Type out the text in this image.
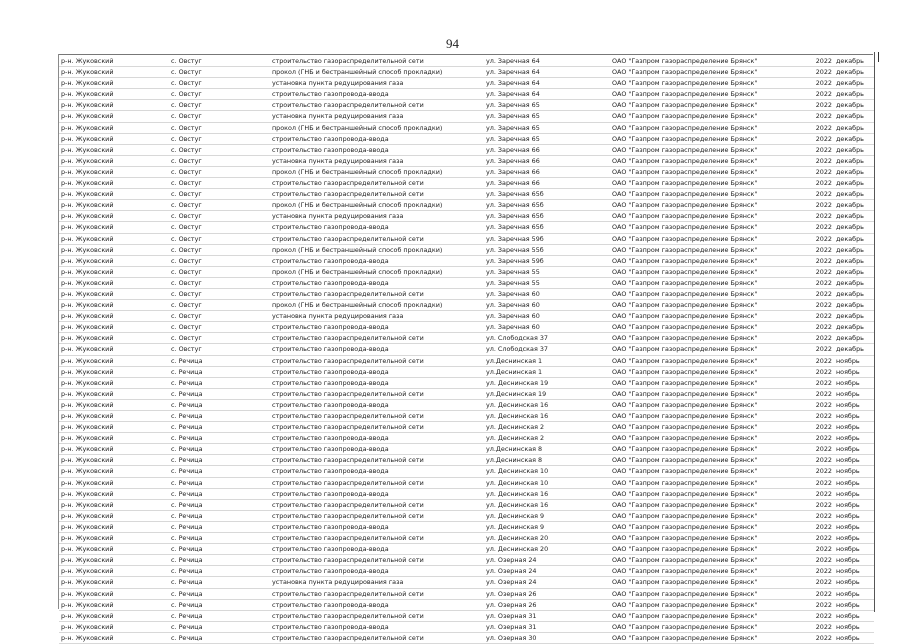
94
р-н. Жуковский	с. Овстуг	строительство газораспределительной сети	ул. Заречная 64	ОАО "Газпром газораспределение Брянск"	2022 декабрь
р-н. Жуковский	с. Овстуг	прокол (ГНБ и бестраншейный способ прокладки)	ул. Заречная 64	ОАО "Газпром газораспределение Брянск"	2022 декабрь
р-н. Жуковский	с. Овстуг	установка пункта редуцирования газа	ул. Заречная 64	ОАО "Газпром газораспределение Брянск"	2022 декабрь
р-н. Жуковский	с. Овстуг	строительство газопровода-ввода	ул. Заречная 64	ОАО "Газпром газораспределение Брянск"	2022 декабрь
р-н. Жуковский	с. Овстуг	строительство газораспределительной сети	ул. Заречная 65	ОАО "Газпром газораспределение Брянск"	2022 декабрь
р-н. Жуковский	с. Овстуг	установка пункта редуцирования газа	ул. Заречная 65	ОАО "Газпром газораспределение Брянск"	2022 декабрь
р-н. Жуковский	с. Овстуг	прокол (ГНБ и бестраншейный способ прокладки)	ул. Заречная 65	ОАО "Газпром газораспределение Брянск"	2022 декабрь
р-н. Жуковский	с. Овстуг	строительство газопровода-ввода	ул. Заречная 65	ОАО "Газпром газораспределение Брянск"	2022 декабрь
р-н. Жуковский	с. Овстуг	строительство газопровода-ввода	ул. Заречная 66	ОАО "Газпром газораспределение Брянск"	2022 декабрь
р-н. Жуковский	с. Овстуг	установка пункта редуцирования газа	ул. Заречная 66	ОАО "Газпром газораспределение Брянск"	2022 декабрь
р-н. Жуковский	с. Овстуг	прокол (ГНБ и бестраншейный способ прокладки)	ул. Заречная 66	ОАО "Газпром газораспределение Брянск"	2022 декабрь
р-н. Жуковский	с. Овстуг	строительство газораспределительной сети	ул. Заречная 66	ОАО "Газпром газораспределение Брянск"	2022 декабрь
р-н. Жуковский	с. Овстуг	строительство газораспределительной сети	ул. Заречная 65б	ОАО "Газпром газораспределение Брянск"	2022 декабрь
р-н. Жуковский	с. Овстуг	прокол (ГНБ и бестраншейный способ прокладки)	ул. Заречная 65б	ОАО "Газпром газораспределение Брянск"	2022 декабрь
р-н. Жуковский	с. Овстуг	установка пункта редуцирования газа	ул. Заречная 65б	ОАО "Газпром газораспределение Брянск"	2022 декабрь
р-н. Жуковский	с. Овстуг	строительство газопровода-ввода	ул. Заречная 65б	ОАО "Газпром газораспределение Брянск"	2022 декабрь
р-н. Жуковский	с. Овстуг	строительство газораспределительной сети	ул. Заречная 59б	ОАО "Газпром газораспределение Брянск"	2022 декабрь
р-н. Жуковский	с. Овстуг	прокол (ГНБ и бестраншейный способ прокладки)	ул. Заречная 55б	ОАО "Газпром газораспределение Брянск"	2022 декабрь
р-н. Жуковский	с. Овстуг	строительство газопровода-ввода	ул. Заречная 59б	ОАО "Газпром газораспределение Брянск"	2022 декабрь
р-н. Жуковский	с. Овстуг	прокол (ГНБ и бестраншейный способ прокладки)	ул. Заречная 55	ОАО "Газпром газораспределение Брянск"	2022 декабрь
р-н. Жуковский	с. Овстуг	строительство газопровода-ввода	ул. Заречная 55	ОАО "Газпром газораспределение Брянск"	2022 декабрь
р-н. Жуковский	с. Овстуг	строительство газораспределительной сети	ул. Заречная 60	ОАО "Газпром газораспределение Брянск"	2022 декабрь
р-н. Жуковский	с. Овстуг	прокол (ГНБ и бестраншейный способ прокладки)	ул. Заречная 60	ОАО "Газпром газораспределение Брянск"	2022 декабрь
р-н. Жуковский	с. Овстуг	установка пункта редуцирования газа	ул. Заречная 60	ОАО "Газпром газораспределение Брянск"	2022 декабрь
р-н. Жуковский	с. Овстуг	строительство газопровода-ввода	ул. Заречная 60	ОАО "Газпром газораспределение Брянск"	2022 декабрь
р-н. Жуковский	с. Овстуг	строительство газораспределительной сети	ул. Слободская 37	ОАО "Газпром газораспределение Брянск"	2022 декабрь
р-н. Жуковский	с. Овстуг	строительство газопровода-ввода	ул. Слободская 37	ОАО "Газпром газораспределение Брянск"	2022 декабрь
р-н. Жуковский	с. Речица	строительство газораспределительной сети	ул.Деснинская 1	ОАО "Газпром газораспределение Брянск"	2022 ноябрь
р-н. Жуковский	с. Речица	строительство газопровода-ввода	ул.Деснинская 1	ОАО "Газпром газораспределение Брянск"	2022 ноябрь
р-н. Жуковский	с. Речица	строительство газопровода-ввода	ул. Деснинская 19	ОАО "Газпром газораспределение Брянск"	2022 ноябрь
р-н. Жуковский	с. Речица	строительство газораспределительной сети	ул.Деснинская 19	ОАО "Газпром газораспределение Брянск"	2022 ноябрь
р-н. Жуковский	с. Речица	строительство газопровода-ввода	ул. Деснинская 16	ОАО "Газпром газораспределение Брянск"	2022 ноябрь
р-н. Жуковский	с. Речица	строительство газораспределительной сети	ул. Деснинская 16	ОАО "Газпром газораспределение Брянск"	2022 ноябрь
р-н. Жуковский	с. Речица	строительство газораспределительной сети	ул. Деснинская 2	ОАО "Газпром газораспределение Брянск"	2022 ноябрь
р-н. Жуковский	с. Речица	строительство газопровода-ввода	ул. Деснинская 2	ОАО "Газпром газораспределение Брянск"	2022 ноябрь
р-н. Жуковский	с. Речица	строительство газопровода-ввода	ул.Деснинская 8	ОАО "Газпром газораспределение Брянск"	2022 ноябрь
р-н. Жуковский	с. Речица	строительство газораспределительной сети	ул.Деснинская 8	ОАО "Газпром газораспределение Брянск"	2022 ноябрь
р-н. Жуковский	с. Речица	строительство газопровода-ввода	ул. Деснинская 10	ОАО "Газпром газораспределение Брянск"	2022 ноябрь
р-н. Жуковский	с. Речица	строительство газораспределительной сети	ул. Деснинская 10	ОАО "Газпром газораспределение Брянск"	2022 ноябрь
р-н. Жуковский	с. Речица	строительство газопровода-ввода	ул. Деснинская 16	ОАО "Газпром газораспределение Брянск"	2022 ноябрь
р-н. Жуковский	с. Речица	строительство газораспределительной сети	ул. Деснинская 16	ОАО "Газпром газораспределение Брянск"	2022 ноябрь
р-н. Жуковский	с. Речица	строительство газораспределительной сети	ул. Деснинская 9	ОАО "Газпром газораспределение Брянск"	2022 ноябрь
р-н. Жуковский	с. Речица	строительство газопровода-ввода	ул. Деснинская 9	ОАО "Газпром газораспределение Брянск"	2022 ноябрь
р-н. Жуковский	с. Речица	строительство газораспределительной сети	ул. Деснинская 20	ОАО "Газпром газораспределение Брянск"	2022 ноябрь
р-н. Жуковский	с. Речица	строительство газопровода-ввода	ул. Деснинская 20	ОАО "Газпром газораспределение Брянск"	2022 ноябрь
р-н. Жуковский	с. Речица	строительство газораспределительной сети	ул. Озерная 24	ОАО "Газпром газораспределение Брянск"	2022 ноябрь
р-н. Жуковский	с. Речица	строительство газопровода-ввода	ул. Озерная 24	ОАО "Газпром газораспределение Брянск"	2022 ноябрь
р-н. Жуковский	с. Речица	установка пункта редуцирования газа	ул. Озерная 24	ОАО "Газпром газораспределение Брянск"	2022 ноябрь
р-н. Жуковский	с. Речица	строительство газораспределительной сети	ул. Озерная 26	ОАО "Газпром газораспределение Брянск"	2022 ноябрь
р-н. Жуковский	с. Речица	строительство газопровода-ввода	ул. Озерная 26	ОАО "Газпром газораспределение Брянск"	2022 ноябрь
р-н. Жуковский	с. Речица	строительство газораспределительной сети	ул. Озерная 31	ОАО "Газпром газораспределение Брянск"	2022 ноябрь
р-н. Жуковский	с. Речица	строительство газопровода-ввода	ул. Озерная 31	ОАО "Газпром газораспределение Брянск"	2022 ноябрь
р-н. Жуковский	с. Речица	строительство газораспределительной сети	ул. Озерная 30	ОАО "Газпром газораспределение Брянск"	2022 ноябрь
